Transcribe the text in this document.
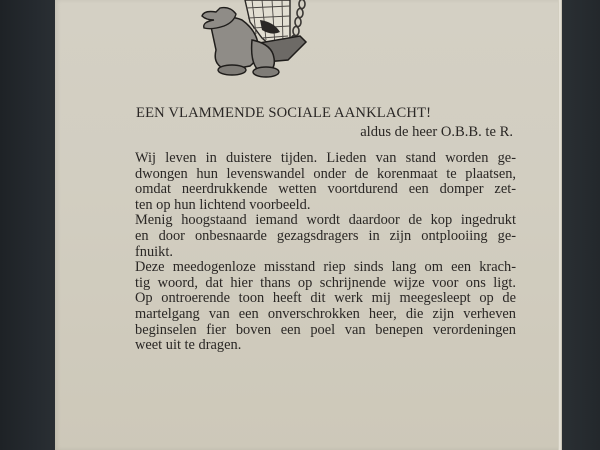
EEN VLAMMENDE SOCIALE AANKLACHT!
aldus de heer O.B.B. te R.
Wij leven in duistere tijden. Lieden van stand worden ge-
dwongen hun levenswandel onder de korenmaat te plaatsen,
omdat neerdrukkende wetten voortdurend een domper zet-
ten op hun lichtend voorbeeld.
Menig hoogstaand iemand wordt daardoor de kop ingedrukt
en door onbesnaarde gezagsdragers in zijn ontplooiing ge-
fnuikt.
Deze meedogenloze misstand riep sinds lang om een krach-
tig woord, dat hier thans op schrijnende wijze voor ons ligt.
Op ontroerende toon heeft dit werk mij meegesleept op de
martelgang van een onverschrokken heer, die zijn verheven
beginselen fier boven een poel van benepen verordeningen
weet uit te dragen.
